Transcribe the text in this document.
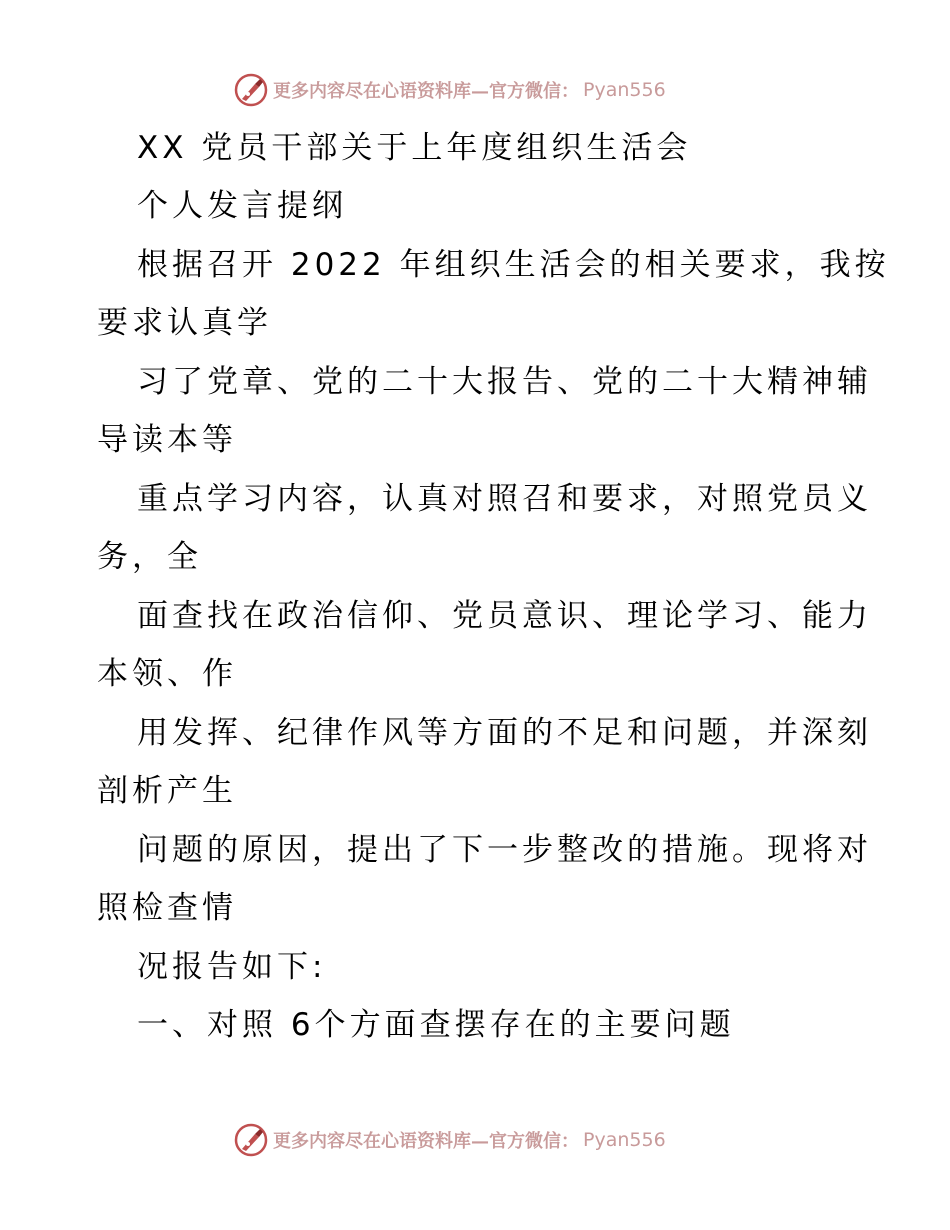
更多内容尽在心语资料库—官方微信： Pyan556
XX 党员干部关于上年度组织生活会
个人发言提纲
根据召开 2022 年组织生活会的相关要求，我按
要求认真学
习了党章、党的二十大报告、党的二十大精神辅
导读本等
重点学习内容，认真对照召和要求，对照党员义
务，全
面查找在政治信仰、党员意识、理论学习、能力
本领、作
用发挥、纪律作风等方面的不足和问题，并深刻
剖析产生
问题的原因，提出了下一步整改的措施。现将对
照检查情
况报告如下:
一、对照 6个方面查摆存在的主要问题
更多内容尽在心语资料库—官方微信： Pyan556
